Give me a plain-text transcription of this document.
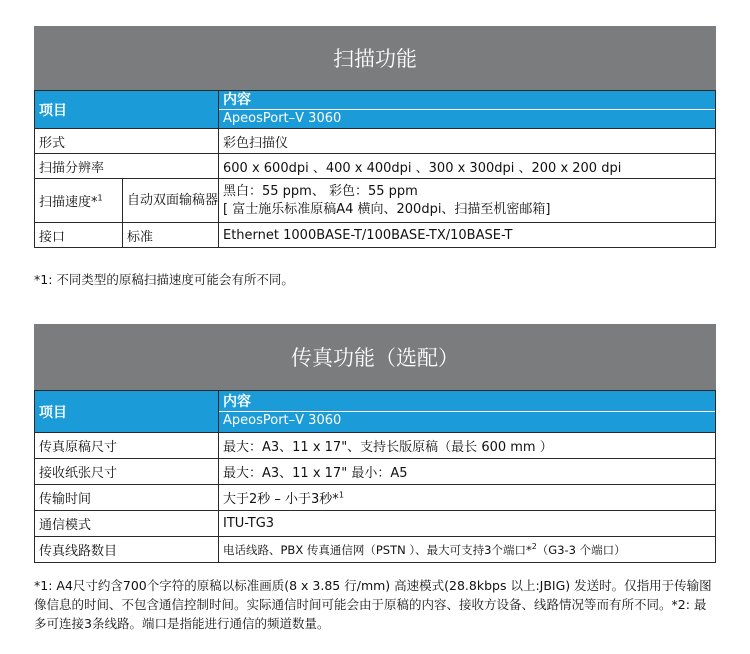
扫描功能
项目		内容
ApeosPort–V 3060

形式		彩色扫描仪
扫描分辨率		600 x 600dpi 、400 x 400dpi 、300 x 300dpi 、200 x 200 dpi
扫描速度*$^1$	自动双面输稿器	黑白：55 ppm、 彩色：55 ppm
[ 富士施乐标准原稿A4 横向、200dpi、扫描至机密邮箱]

接口	标准	Ethernet 1000BASE-T/100BASE-TX/10BASE-T
*1: 不同类型的原稿扫描速度可能会有所不同。
传真功能（选配）
项目	内容
ApeosPort–V 3060

传真原稿尺寸	最大：A3、11 x 17"、支持长版原稿（最长 600 mm ）
接收纸张尺寸	最大：A3、11 x 17" 最小：A5
传输时间	大于2秒 – 小于3秒*$^1$
通信模式	ITU-TG3
传真线路数目	电话线路、PBX 传真通信网（PSTN ）、最大可支持3个端口*$^2$（G3-3 个端口）
*1: A4尺寸约含700个字符的原稿以标准画质(8 x 3.85 行/mm) 高速模式(28.8kbps 以上:JBIG) 发送时。仅指用于传输图像信息的时间、不包含通信控制时间。实际通信时间可能会由于原稿的内容、接收方设备、线路情况等而有所不同。*2: 最多可连接3条线路。端口是指能进行通信的频道数量。
